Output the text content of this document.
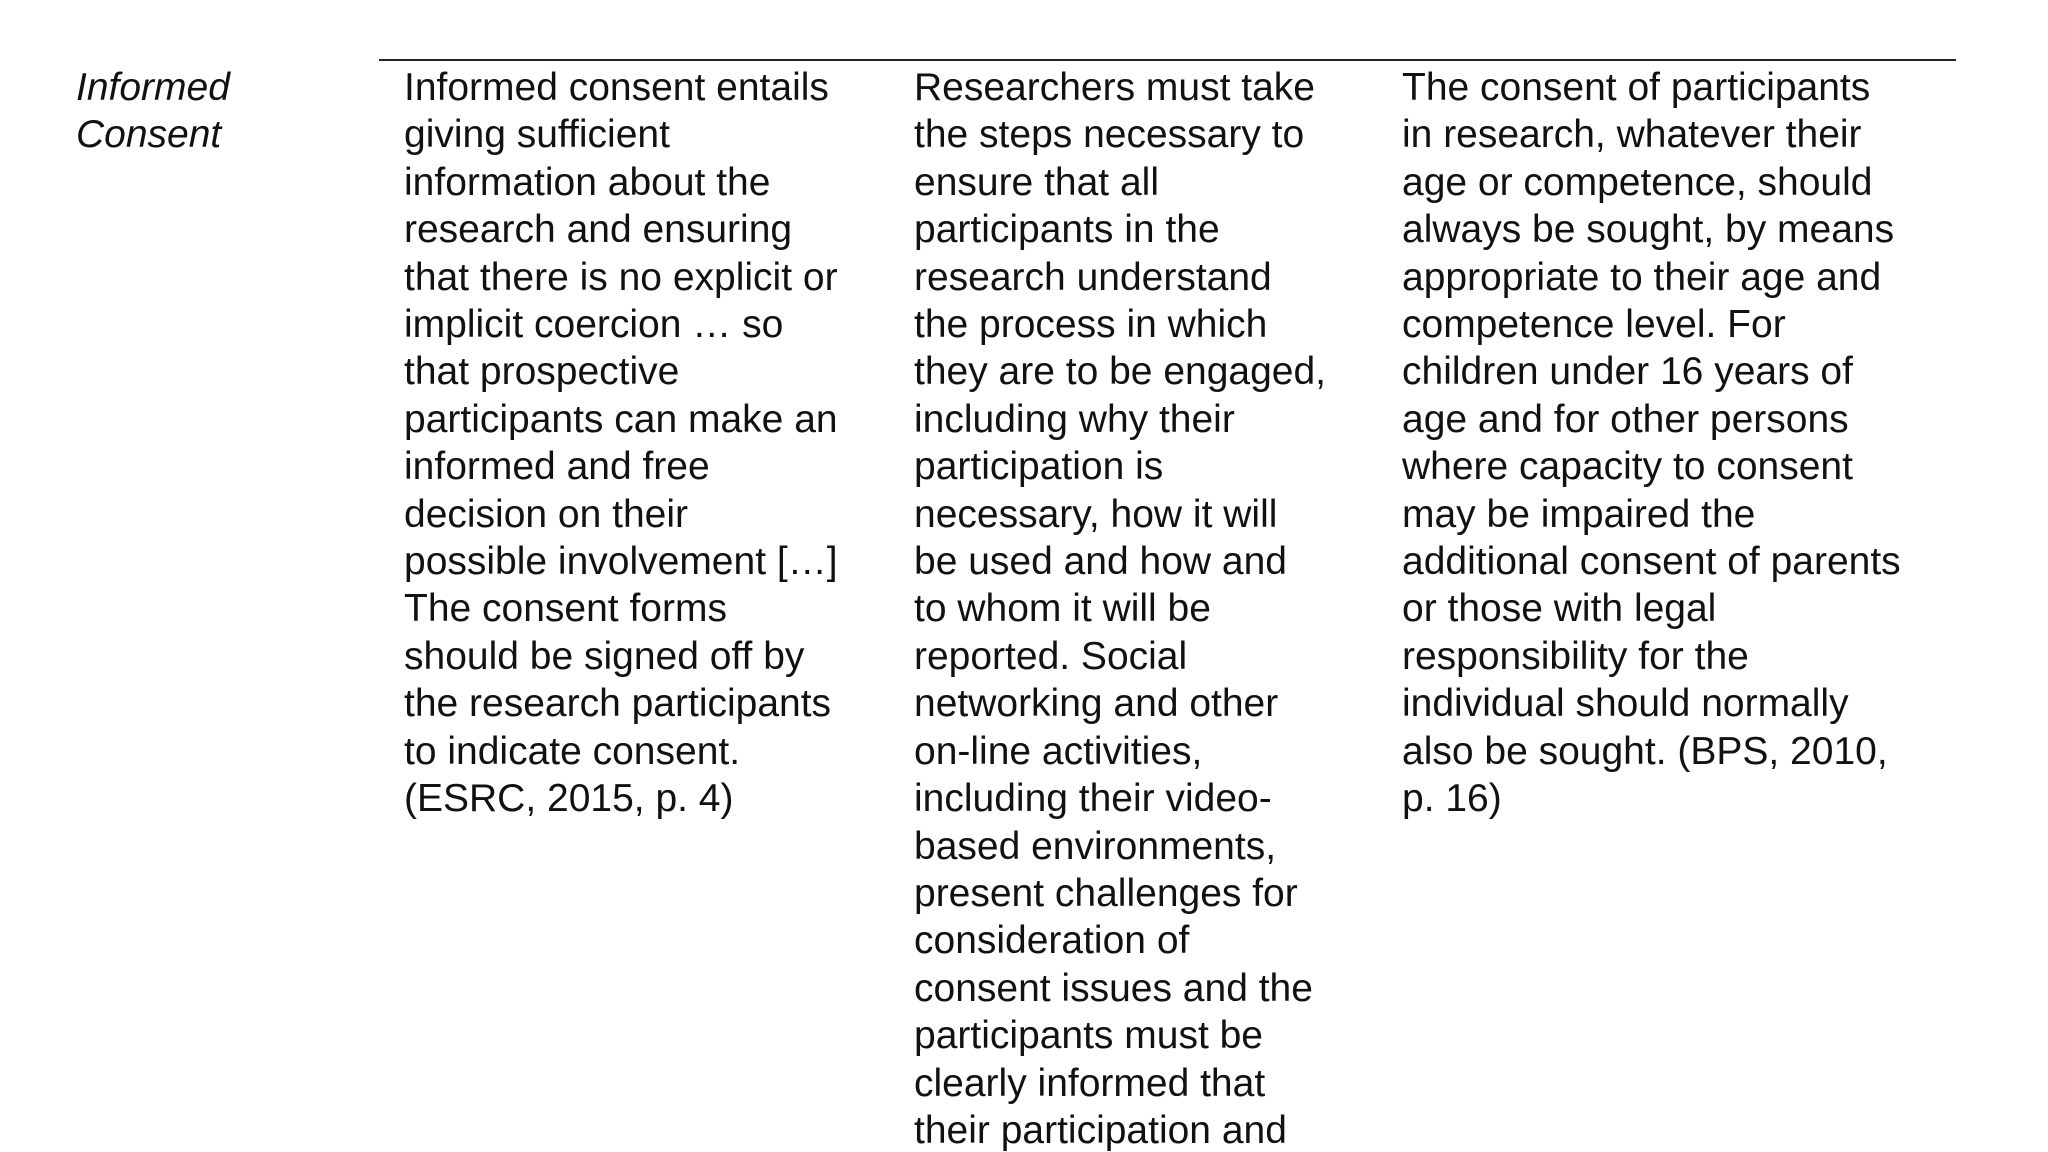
Informed
Consent
Informed consent entails
giving sufficient
information about the
research and ensuring
that there is no explicit or
implicit coercion … so
that prospective
participants can make an
informed and free
decision on their
possible involvement […]
The consent forms
should be signed off by
the research participants
to indicate consent.
(ESRC, 2015, p. 4)
Researchers must take
the steps necessary to
ensure that all
participants in the
research understand
the process in which
they are to be engaged,
including why their
participation is
necessary, how it will
be used and how and
to whom it will be
reported. Social
networking and other
on-line activities,
including their video-
based environments,
present challenges for
consideration of
consent issues and the
participants must be
clearly informed that
their participation and
The consent of participants
in research, whatever their
age or competence, should
always be sought, by means
appropriate to their age and
competence level. For
children under 16 years of
age and for other persons
where capacity to consent
may be impaired the
additional consent of parents
or those with legal
responsibility for the
individual should normally
also be sought. (BPS, 2010,
p. 16)
